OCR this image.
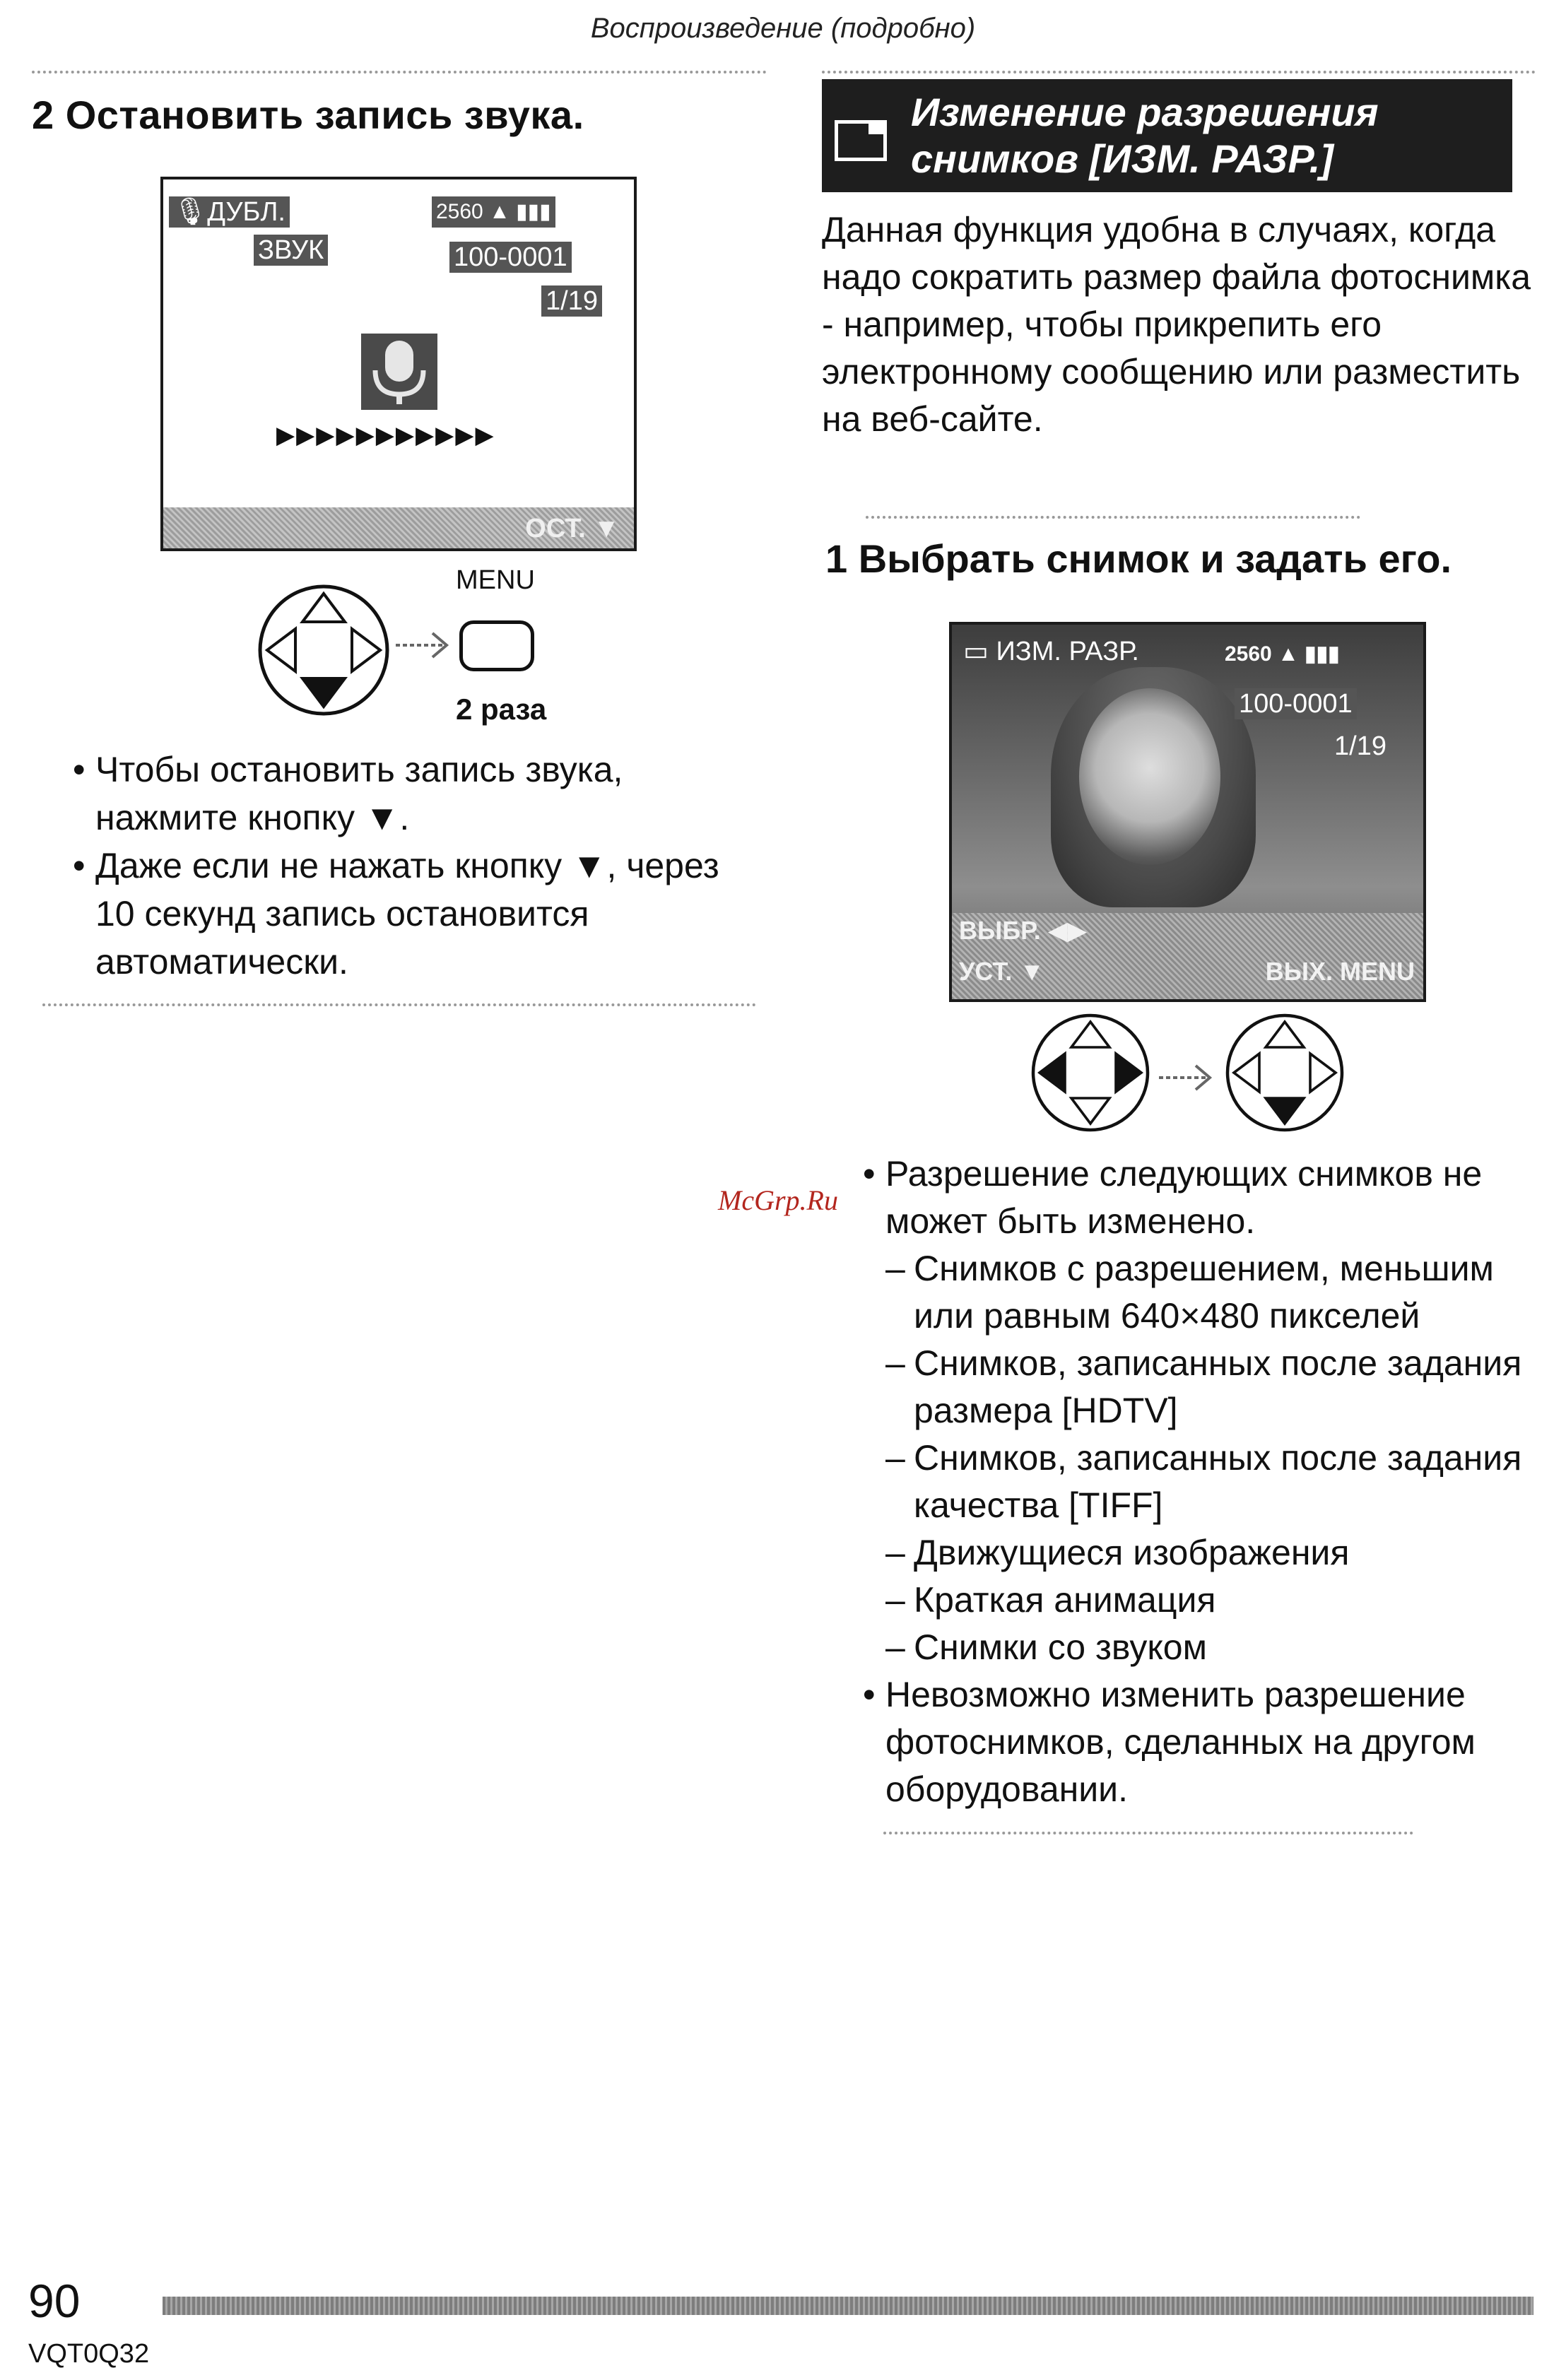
Воспроизведение (подробно)
2 Остановить запись звука.
🎙ДУБЛ.
ЗВУК
2560 ▲ ▮▮▮
100-0001
1/19
▶▶▶▶▶▶▶▶▶▶▶
ОСТ. ▼
MENU
2 раза
• Чтобы остановить запись звука, нажмите кнопку ▼.
• Даже если не нажать кнопку ▼, через 10 секунд запись остановится автоматически.
Изменение разрешения
снимков [ИЗМ. РАЗР.]
Данная функция удобна в случаях, когда надо сократить размер файла фотоснимка - например, чтобы прикрепить его электронному сообщению или разместить на веб-сайте.
1 Выбрать снимок и задать его.
▭ ИЗМ. РАЗР.	2560 ▲ ▮▮▮
100-0001
1/19
ВЫБР. ◀▶
УСТ. ▼	ВЫХ. MENU
McGrp.Ru
• Разрешение следующих снимков не может быть изменено.
– Снимков с разрешением, меньшим или равным 640×480 пикселей
– Снимков, записанных после задания размера [HDTV]
– Снимков, записанных после задания качества [TIFF]
– Движущиеся изображения
– Краткая анимация
– Снимки со звуком
• Невозможно изменить разрешение фотоснимков, сделанных на другом оборудовании.
90
VQT0Q32
